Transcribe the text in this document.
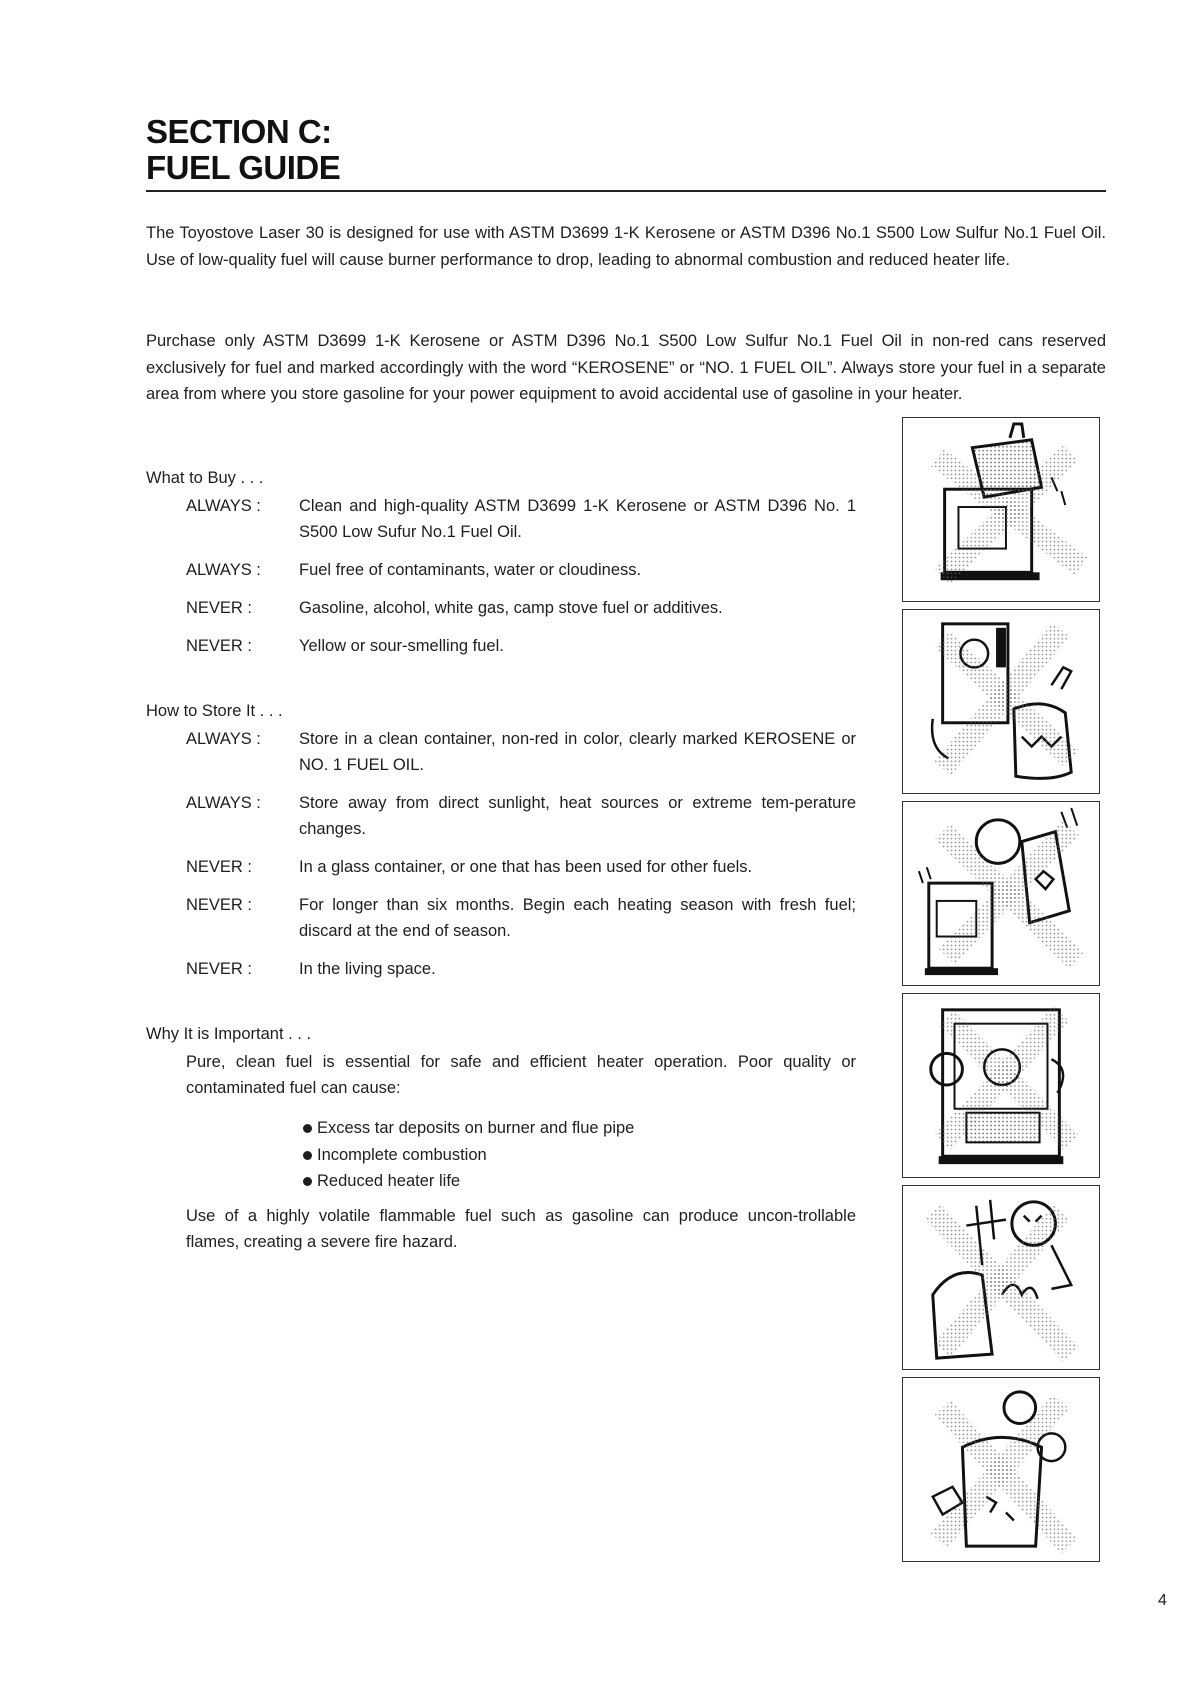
SECTION C:
FUEL GUIDE

The Toyostove Laser 30 is designed for use with ASTM D3699 1-K Kerosene or ASTM D396 No.1 S500 Low Sulfur No.1 Fuel Oil. Use of low-quality fuel will cause burner performance to drop, leading to abnormal combustion and reduced heater life.

Purchase only ASTM D3699 1-K Kerosene or ASTM D396 No.1 S500 Low Sulfur No.1 Fuel Oil in non-red cans reserved exclusively for fuel and marked accordingly with the word “KEROSENE” or “NO. 1 FUEL OIL”. Always store your fuel in a separate area from where you store gasoline for your power equipment to avoid accidental use of gasoline in your heater.

What to Buy . . .
ALWAYS :	Clean and high-quality ASTM D3699 1-K Kerosene or ASTM D396 No. 1 S500 Low Sufur No.1 Fuel Oil.
ALWAYS :	Fuel free of contaminants, water or cloudiness.
NEVER :	Gasoline, alcohol, white gas, camp stove fuel or additives.
NEVER :	Yellow or sour-smelling fuel.
How to Store It . . .
ALWAYS :	Store in a clean container, non-red in color, clearly marked KEROSENE or NO. 1 FUEL OIL.
ALWAYS :	Store away from direct sunlight, heat sources or extreme tem-perature changes.
NEVER :	In a glass container, or one that has been used for other fuels.
NEVER :	For longer than six months. Begin each heating season with fresh fuel; discard at the end of season.
NEVER :	In the living space.
Why It is Important . . .
Pure, clean fuel is essential for safe and efficient heater operation. Poor quality or contaminated fuel can cause:
Excess tar deposits on burner and flue pipe
Incomplete combustion
Reduced heater life
Use of a highly volatile flammable fuel such as gasoline can produce uncon-trollable flames, creating a severe fire hazard.
4
